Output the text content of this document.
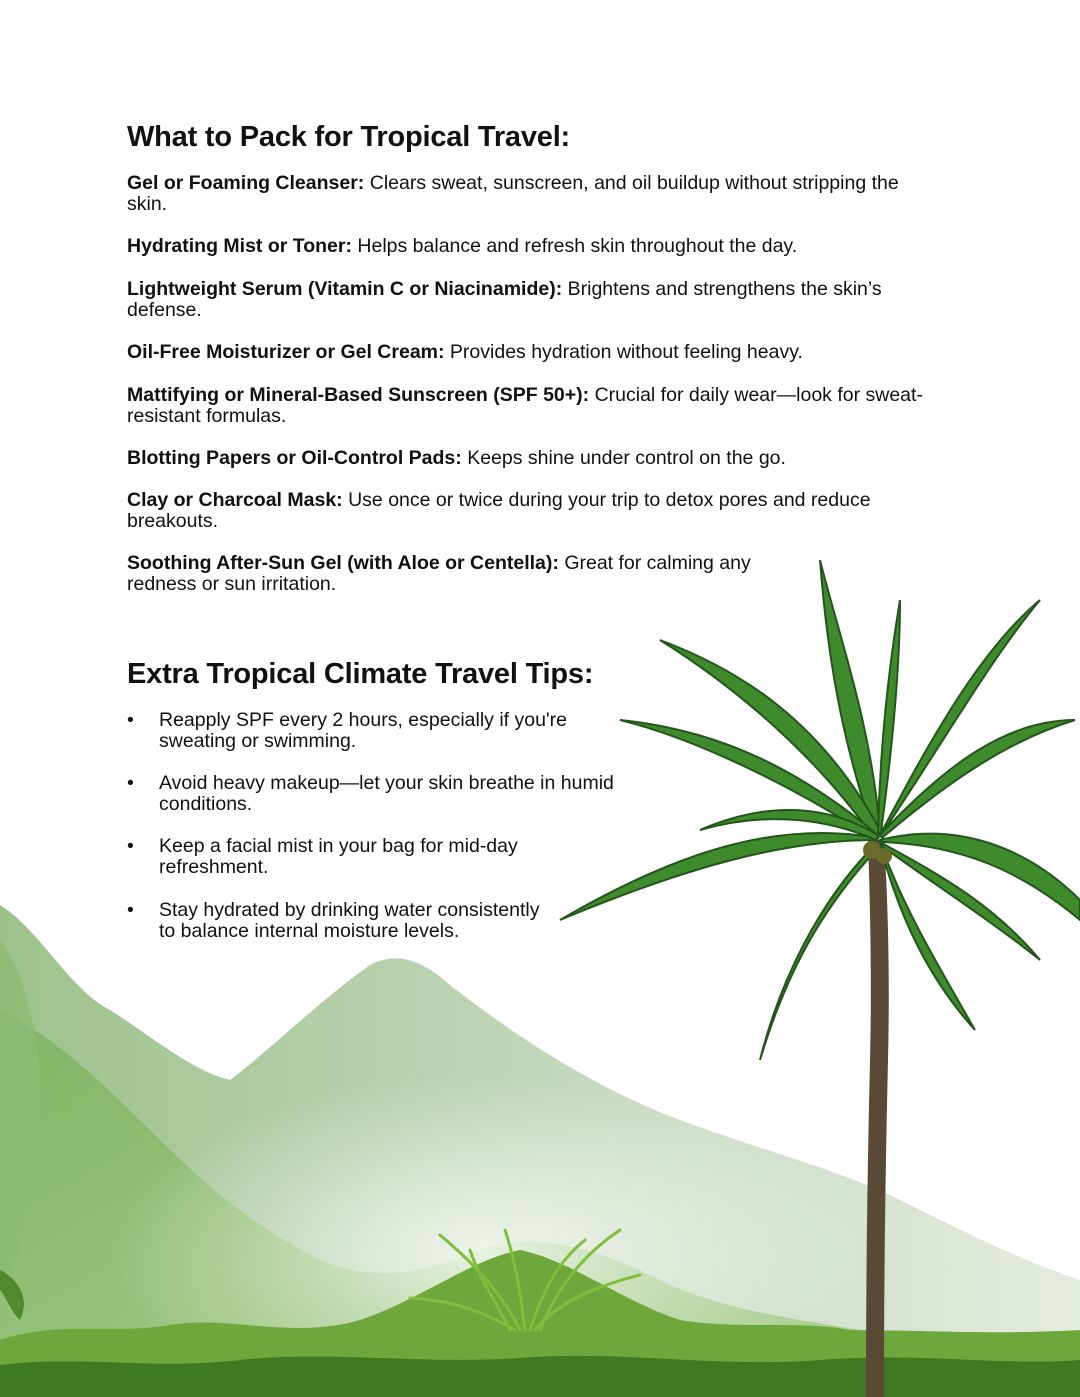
What to Pack for Tropical Travel:

Gel or Foaming Cleanser: Clears sweat, sunscreen, and oil buildup without stripping the skin.

Hydrating Mist or Toner: Helps balance and refresh skin throughout the day.

Lightweight Serum (Vitamin C or Niacinamide): Brightens and strengthens the skin’s defense.

Oil-Free Moisturizer or Gel Cream: Provides hydration without feeling heavy.

Mattifying or Mineral-Based Sunscreen (SPF 50+): Crucial for daily wear—look for sweat-resistant formulas.

Blotting Papers or Oil-Control Pads: Keeps shine under control on the go.

Clay or Charcoal Mask: Use once or twice during your trip to detox pores and reduce breakouts.

Soothing After-Sun Gel (with Aloe or Centella): Great for calming any redness or sun irritation.

Extra Tropical Climate Travel Tips:
• Reapply SPF every 2 hours, especially if you're sweating or swimming.
• Avoid heavy makeup—let your skin breathe in humid conditions.
• Keep a facial mist in your bag for mid-day refreshment.
• Stay hydrated by drinking water consistently to balance internal moisture levels.
